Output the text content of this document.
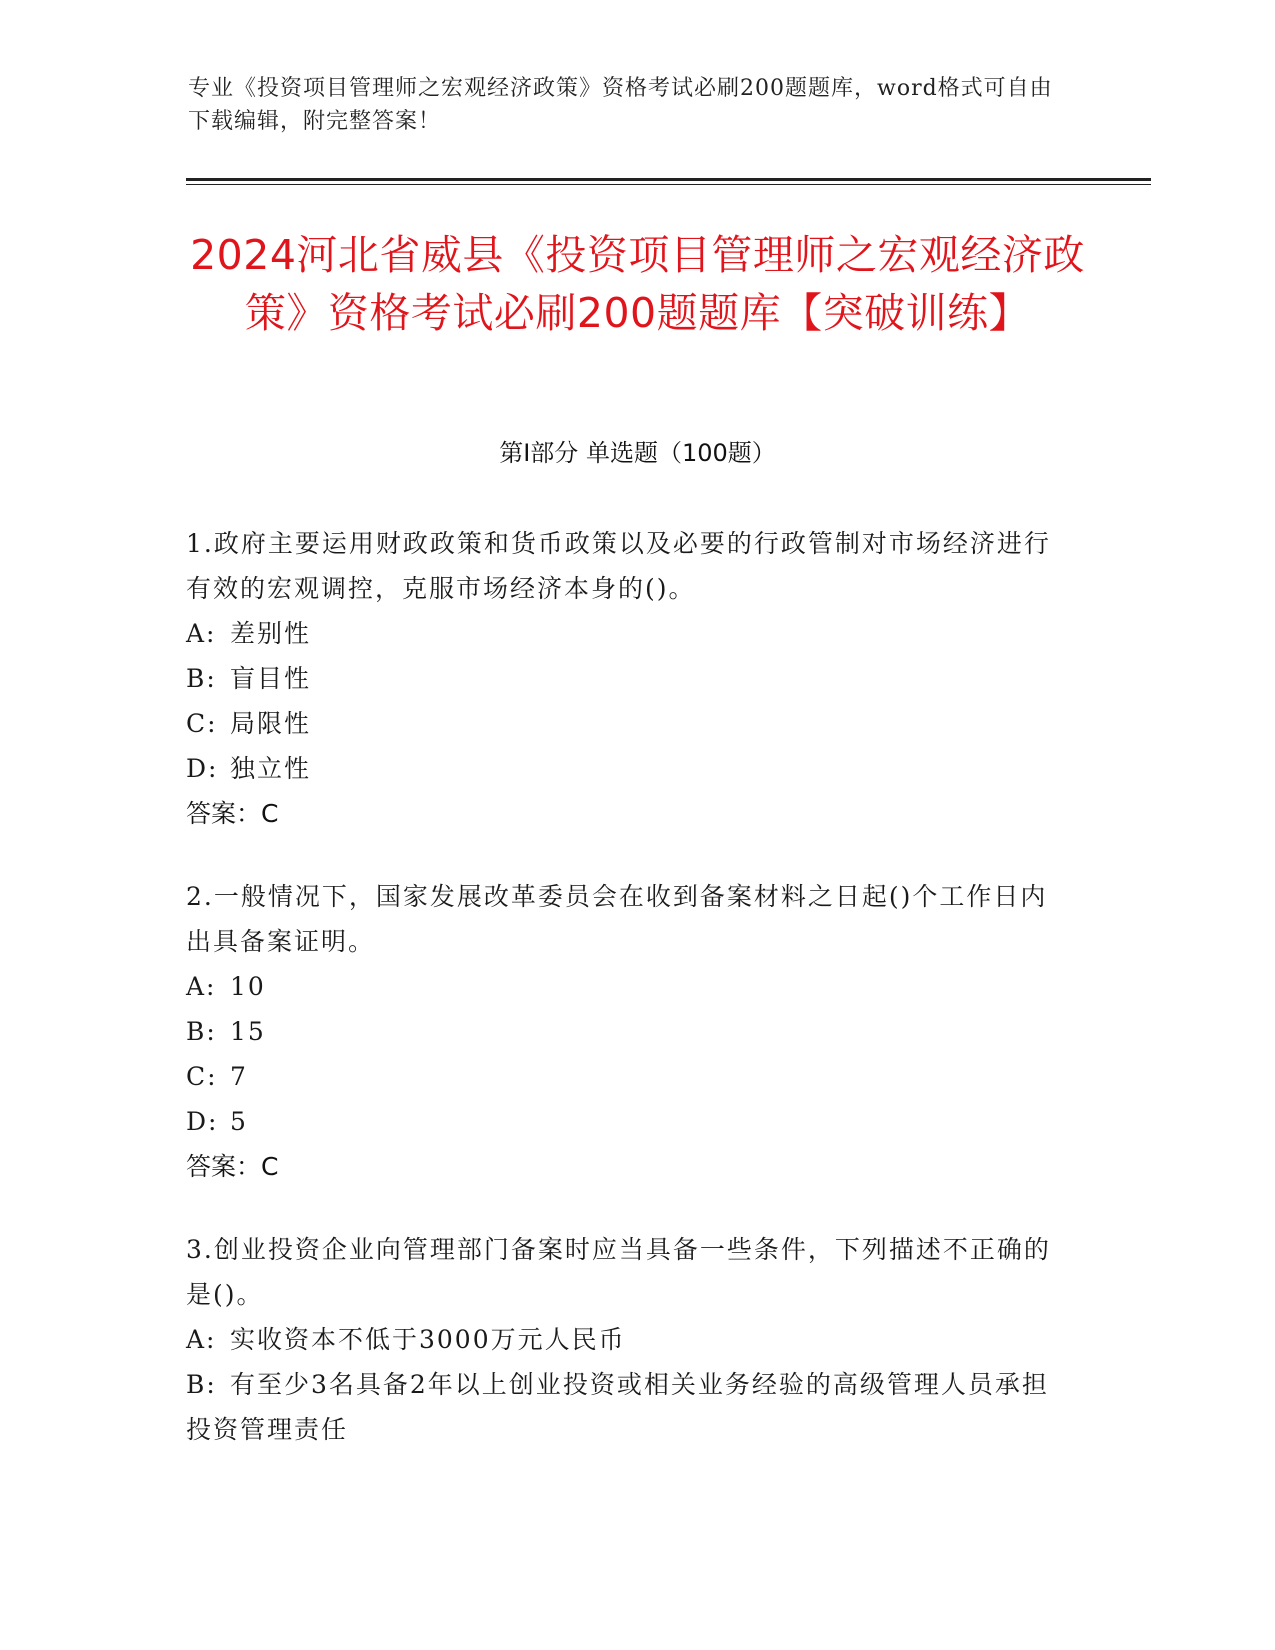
专业《投资项目管理师之宏观经济政策》资格考试必刷200题题库，word格式可自由下载编辑，附完整答案！
2024河北省威县《投资项目管理师之宏观经济政策》资格考试必刷200题题库【突破训练】
第I部分 单选题（100题）
1.政府主要运用财政政策和货币政策以及必要的行政管制对市场经济进行有效的宏观调控，克服市场经济本身的()。
A: 差别性
B: 盲目性
C: 局限性
D: 独立性
答案：C
2.一般情况下，国家发展改革委员会在收到备案材料之日起()个工作日内出具备案证明。
A: 10
B: 15
C: 7
D: 5
答案：C
3.创业投资企业向管理部门备案时应当具备一些条件，下列描述不正确的是()。
A: 实收资本不低于3000万元人民币
B: 有至少3名具备2年以上创业投资或相关业务经验的高级管理人员承担投资管理责任
